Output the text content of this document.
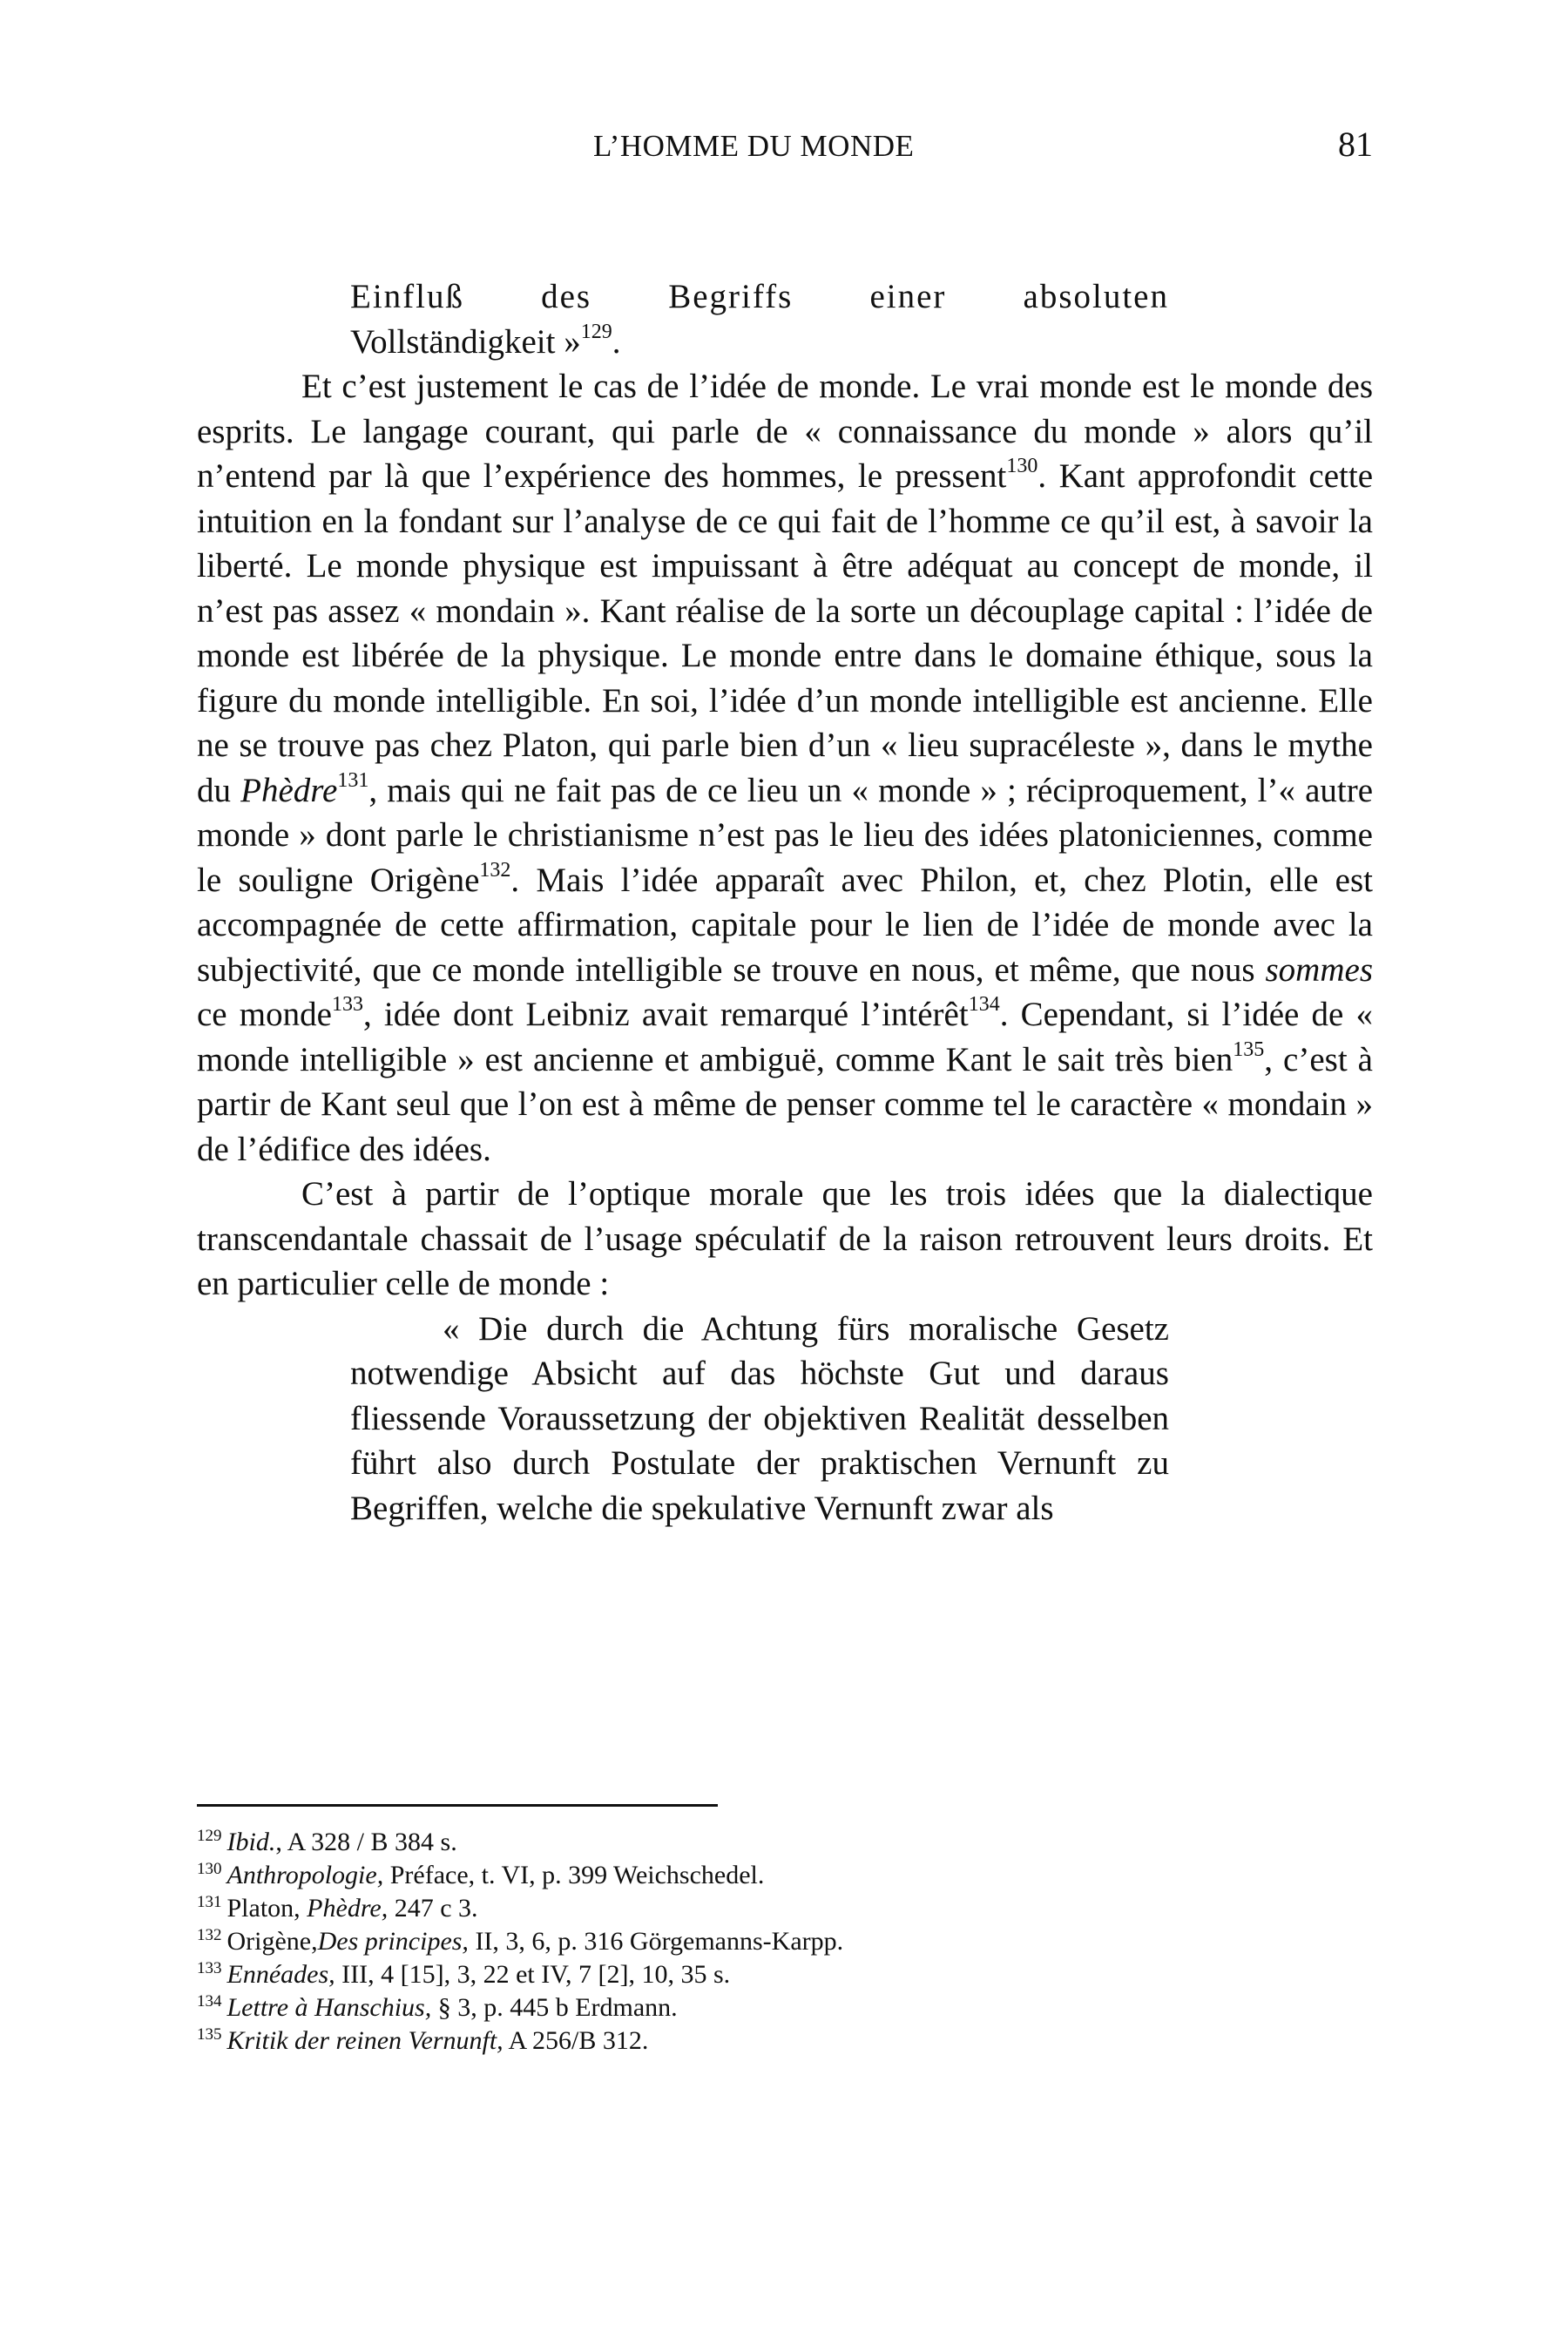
L’HOMME DU MONDE	81
Einfluß des Begriffs einer absoluten
Vollständigkeit »$^{129}$.

Et c’est justement le cas de l’idée de monde. Le vrai monde est le monde des esprits. Le langage courant, qui parle de « connaissance du monde » alors qu’il n’entend par là que l’expérience des hommes, le pressent$^{130}$. Kant approfondit cette intuition en la fondant sur l’analyse de ce qui fait de l’homme ce qu’il est, à savoir la liberté. Le monde physique est impuissant à être adéquat au concept de monde, il n’est pas assez « mondain ». Kant réalise de la sorte un découplage capital : l’idée de monde est libérée de la physique. Le monde entre dans le domaine éthique, sous la figure du monde intelligible. En soi, l’idée d’un monde intelligible est ancienne. Elle ne se trouve pas chez Platon, qui parle bien d’un « lieu supracéleste », dans le mythe du Phèdre$^{131}$, mais qui ne fait pas de ce lieu un « monde » ; réciproquement, l’« autre monde » dont parle le christianisme n’est pas le lieu des idées platoniciennes, comme le souligne Origène$^{132}$. Mais l’idée apparaît avec Philon, et, chez Plotin, elle est accompagnée de cette affirmation, capitale pour le lien de l’idée de monde avec la subjectivité, que ce monde intelligible se trouve en nous, et même, que nous sommes ce monde$^{133}$, idée dont Leibniz avait remarqué l’intérêt$^{134}$. Cependant, si l’idée de « monde intelligible » est ancienne et ambiguë, comme Kant le sait très bien$^{135}$, c’est à partir de Kant seul que l’on est à même de penser comme tel le caractère « mondain » de l’édifice des idées.

C’est à partir de l’optique morale que les trois idées que la dialectique transcendantale chassait de l’usage spéculatif de la raison retrouvent leurs droits. Et en particulier celle de monde :

« Die durch die Achtung fürs moralische Gesetz notwendige Absicht auf das höchste Gut und daraus fliessende Voraussetzung der objektiven Realität desselben führt also durch Postulate der praktischen Vernunft zu Begriffen, welche die spekulative Vernunft zwar als
$^{129}$ Ibid., A 328 / B 384 s.
$^{130}$ Anthropologie, Préface, t. VI, p. 399 Weichschedel.
$^{131}$ Platon, Phèdre, 247 c 3.
$^{132}$ Origène,Des principes, II, 3, 6, p. 316 Görgemanns-Karpp.
$^{133}$ Ennéades, III, 4 [15], 3, 22 et IV, 7 [2], 10, 35 s.
$^{134}$ Lettre à Hanschius, § 3, p. 445 b Erdmann.
$^{135}$ Kritik der reinen Vernunft, A 256/B 312.
